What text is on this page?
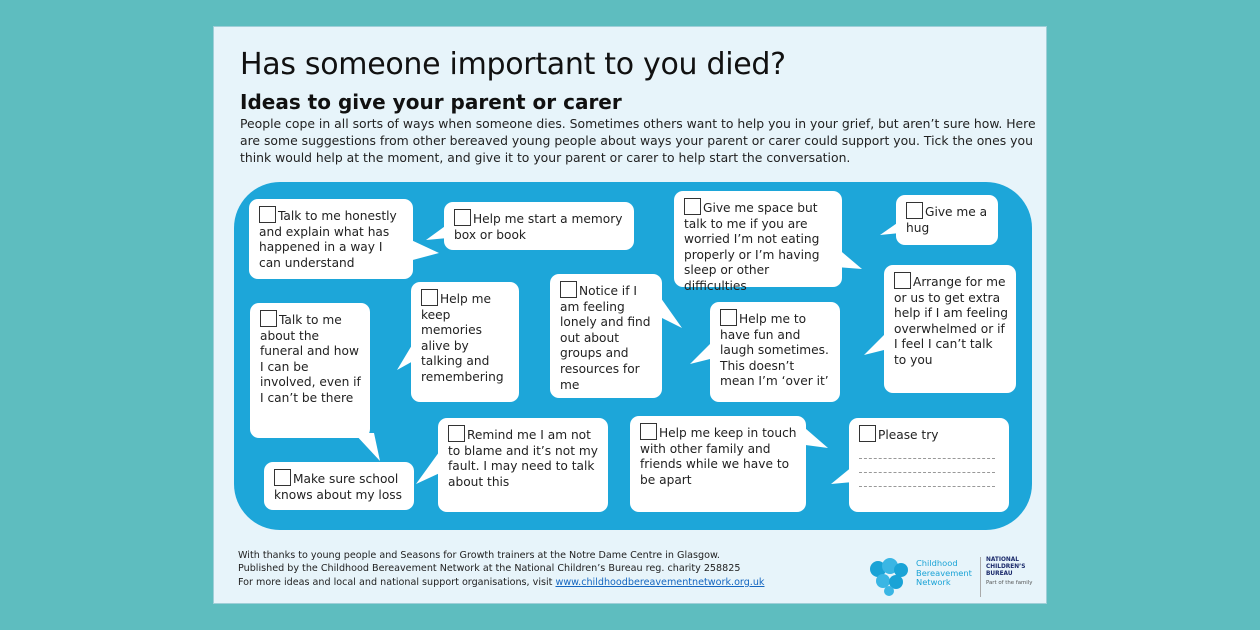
Has someone important to you died?
Ideas to give your parent or carer

People cope in all sorts of ways when someone dies. Sometimes others want to help you in your grief, but aren’t sure how. Here are some suggestions from other bereaved young people about ways your parent or carer could support you. Tick the ones you think would help at the moment, and give it to your parent or carer to help start the conversation.

Talk to me honestly and explain what has happened in a way I can understand
Help me start a memory box or book
Give me space but talk to me if you are worried I’m not eating properly or I’m having sleep or other difficulties
Give me a hug
Talk to me about the funeral and how I can be involved, even if I can’t be there
Help me keep memories alive by talking and remembering
Notice if I am feeling lonely and find out about groups and resources for me
Help me to have fun and laugh sometimes. This doesn’t mean I’m ‘over it’
Arrange for me or us to get extra help if I am feeling overwhelmed or if I feel I can’t talk to you
Make sure school knows about my loss
Remind me I am not to blame and it’s not my fault. I may need to talk about this
Help me keep in touch with other family and friends while we have to be apart
Please try
With thanks to young people and Seasons for Growth trainers at the Notre Dame Centre in Glasgow.
Published by the Childhood Bereavement Network at the National Children’s Bureau reg. charity 258825
For more ideas and local and national support organisations, visit www.childhoodbereavementnetwork.org.uk
Childhood
Bereavement
Network
NATIONAL
CHILDREN’S
BUREAU
Part of the family
